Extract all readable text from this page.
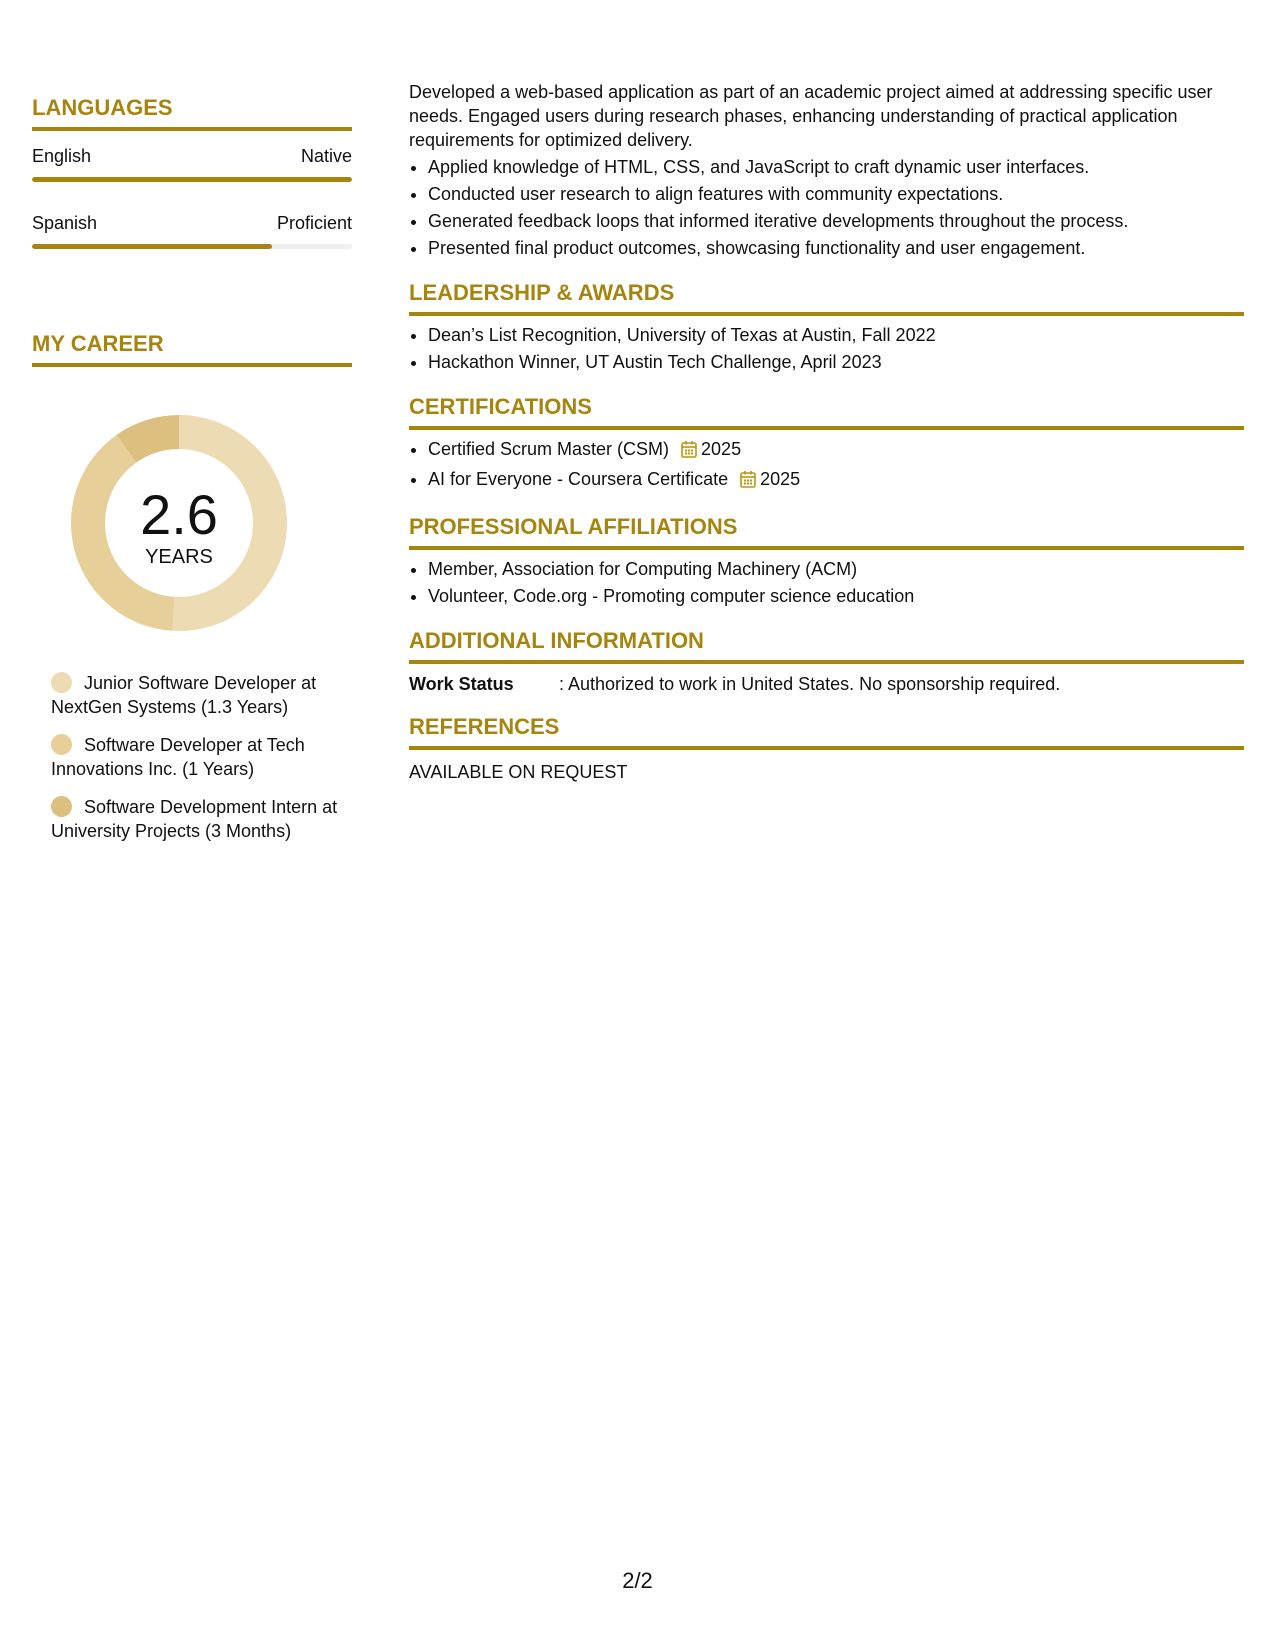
LANGUAGES
English	Native
Spanish	Proficient
MY CAREER
2.6
YEARS
Junior Software Developer at NextGen Systems (1.3 Years)
Software Developer at Tech Innovations Inc. (1 Years)
Software Development Intern at University Projects (3 Months)

Developed a web-based application as part of an academic project aimed at addressing specific user needs. Engaged users during research phases, enhancing understanding of practical application requirements for optimized delivery.

• Applied knowledge of HTML, CSS, and JavaScript to craft dynamic user interfaces.
• Conducted user research to align features with community expectations.
• Generated feedback loops that informed iterative developments throughout the process.
• Presented final product outcomes, showcasing functionality and user engagement.
LEADERSHIP & AWARDS
• Dean’s List Recognition, University of Texas at Austin, Fall 2022
• Hackathon Winner, UT Austin Tech Challenge, April 2023
CERTIFICATIONS
• Certified Scrum Master (CSM) 2025
• AI for Everyone - Coursera Certificate 2025
PROFESSIONAL AFFILIATIONS
• Member, Association for Computing Machinery (ACM)
• Volunteer, Code.org - Promoting computer science education
ADDITIONAL INFORMATION
Work Status	: Authorized to work in United States. No sponsorship required.
REFERENCES
AVAILABLE ON REQUEST
2/2
